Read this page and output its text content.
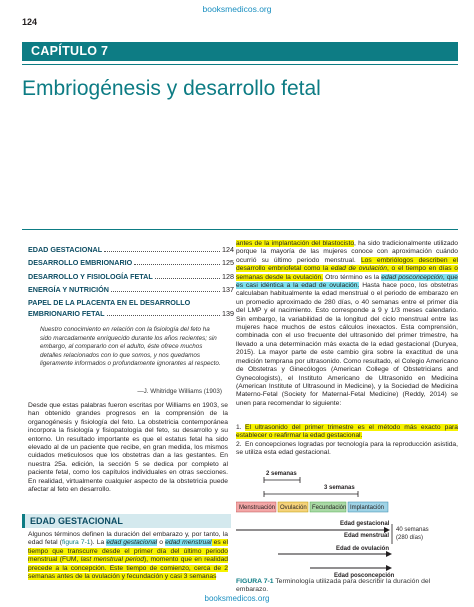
booksmedicos.org
124
CAPÍTULO 7
Embriogénesis y desarrollo fetal
EDAD GESTACIONAL	124
DESARROLLO EMBRIONARIO	125
DESARROLLO Y FISIOLOGÍA FETAL	128
ENERGÍA Y NUTRICIÓN	137
PAPEL DE LA PLACENTA EN EL DESARROLLO
EMBRIONARIO FETAL	139
Nuestro conocimiento en relación con la fisiología del feto ha sido marcadamente enriquecido durante los años recientes; sin embargo, al compararlo con el adulto, éste ofrece muchos detalles relacionados con lo que somos, y nos quedamos ligeramente informados o profundamente ignorantes al respecto.
—J. Whitridge Williams (1903)
Desde que estas palabras fueron escritas por Williams en 1903, se han obtenido grandes progresos en la comprensión de la organogénesis y fisiología del feto. La obstetricia contemporánea incorpora la fisiología y fisiopatología del feto, su desarrollo y su entorno. Un resultado importante es que el estatus fetal ha sido elevado al de un paciente que recibe, en gran medida, los mismos cuidados meticulosos que los obstetras dan a las gestantes. En nuestra 25a. edición, la sección 5 se dedica por completo al paciente fetal, como los capítulos individuales en otras secciones. En realidad, virtualmente cualquier aspecto de la obstetricia puede afectar al feto en desarrollo.
EDAD GESTACIONAL
Algunos términos definen la duración del embarazo y, por tanto, la edad fetal (figura 7-1). La edad gestacional o edad menstrual es el tiempo que transcurre desde el primer día del último periodo menstrual (FUM, last menstrual period), momento que en realidad precede a la concepción. Este tiempo de comienzo, cerca de 2 semanas antes de la ovulación y fecundación y casi 3 semanas
antes de la implantación del blastocisto, ha sido tradicionalmente utilizado porque la mayoría de las mujeres conoce con aproximación cuándo ocurrió su último periodo menstrual. Los embriólogos describen el desarrollo embriofetal como la edad de ovulación, o el tiempo en días o semanas desde la ovulación. Otro término es la edad posconcepción, que es casi idéntica a la edad de ovulación. Hasta hace poco, los obstetras calculaban habitualmente la edad menstrual o el periodo de embarazo en un promedio aproximado de 280 días, o 40 semanas entre el primer día del LMP y el nacimiento. Esto corresponde a 9 y 1/3 meses calendario. Sin embargo, la variabilidad de la longitud del ciclo menstrual entre las mujeres hace muchos de estos cálculos inexactos. Esta comprensión, combinada con el uso frecuente del ultrasonido del primer trimestre, ha llevado a una determinación más exacta de la edad gestacional (Duryea, 2015). La mayor parte de este cambio gira sobre la exactitud de una medición temprana por ultrasonido. Como resultado, el Colegio Americano de Obstetras y Ginecólogos (American College of Obstetricians and Gynecologists), el Instituto Americano de Ultrasonido en Medicina (American Institute of Ultrasound in Medicine), y la Sociedad de Medicina Materno-Fetal (Society for Maternal-Fetal Medicine) (Reddy, 2014) se unen para recomendar lo siguiente:
1. El ultrasonido del primer trimestre es el método más exacto para establecer o reafirmar la edad gestacional.
2. En concepciones logradas por tecnología para la reproducción asistida, se utiliza esta edad gestacional.
2 semanas
3 semanas
Menstruación Ovulación Fecundación Implantación
Edad gestacional
Edad menstrual
40 semanas
(280 días)
Edad de ovulación
Edad posconcepción
FIGURA 7-1 Terminología utilizada para describir la duración del embarazo.
booksmedicos.org
